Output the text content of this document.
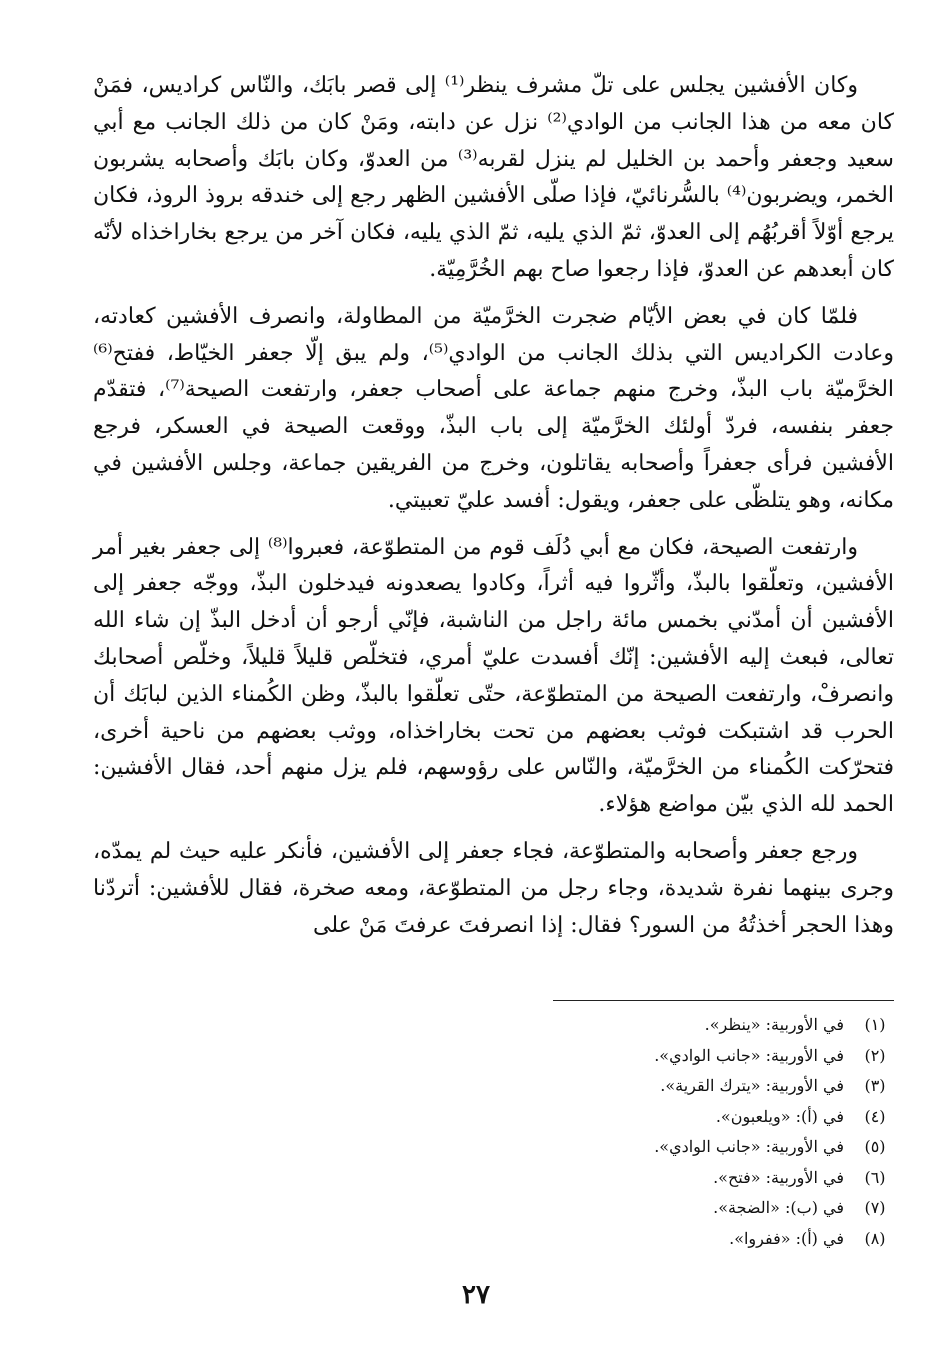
وكان الأفشين يجلس على تلّ مشرف ينظر⁽¹⁾ إلى قصر بابَك، والنّاس كراديس، فمَنْ كان معه من هذا الجانب من الوادي⁽²⁾ نزل عن دابته، ومَنْ كان من ذلك الجانب مع أبي سعيد وجعفر وأحمد بن الخليل لم ينزل لقربه⁽³⁾ من العدوّ، وكان بابَك وأصحابه يشربون الخمر، ويضربون⁽⁴⁾ بالسُّرنائيّ، فإذا صلّى الأفشين الظهر رجع إلى خندقه بروذ الروذ، فكان يرجع أوّلاً أقربُهُم إلى العدوّ، ثمّ الذي يليه، ثمّ الذي يليه، فكان آخر من يرجع بخاراخذاه لأنّه كان أبعدهم عن العدوّ، فإذا رجعوا صاح بهم الخُرَّمِيّة.

فلمّا كان في بعض الأيّام ضجرت الخرَّميّة من المطاولة، وانصرف الأفشين كعادته، وعادت الكراديس التي بذلك الجانب من الوادي⁽⁵⁾، ولم يبق إلّا جعفر الخيّاط، ففتح⁽⁶⁾ الخرَّميّة باب البذّ، وخرج منهم جماعة على أصحاب جعفر، وارتفعت الصيحة⁽⁷⁾، فتقدّم جعفر بنفسه، فردّ أولئك الخرَّميّة إلى باب البذّ، ووقعت الصيحة في العسكر، فرجع الأفشين فرأى جعفراً وأصحابه يقاتلون، وخرج من الفريقين جماعة، وجلس الأفشين في مكانه، وهو يتلظّى على جعفر، ويقول: أفسد عليّ تعبيتي.

وارتفعت الصيحة، فكان مع أبي دُلَف قوم من المتطوّعة، فعبروا⁽⁸⁾ إلى جعفر بغير أمر الأفشين، وتعلّقوا بالبذّ، وأثّروا فيه أثراً، وكادوا يصعدونه فيدخلون البذّ، ووجّه جعفر إلى الأفشين أن أمدّني بخمس مائة راجل من الناشبة، فإنّي أرجو أن أدخل البذّ إن شاء الله تعالى، فبعث إليه الأفشين: إنّك أفسدت عليّ أمري، فتخلّص قليلاً قليلاً، وخلّص أصحابك وانصرفْ، وارتفعت الصيحة من المتطوّعة، حتّى تعلّقوا بالبذّ، وظن الكُمناء الذين لبابَك أن الحرب قد اشتبكت فوثب بعضهم من تحت بخاراخذاه، ووثب بعضهم من ناحية أخرى، فتحرّكت الكُمناء من الخرَّميّة، والنّاس على رؤوسهم، فلم يزل منهم أحد، فقال الأفشين: الحمد لله الذي بيّن مواضع هؤلاء.

ورجع جعفر وأصحابه والمتطوّعة، فجاء جعفر إلى الأفشين، فأنكر عليه حيث لم يمدّه، وجرى بينهما نفرة شديدة، وجاء رجل من المتطوّعة، ومعه صخرة، فقال للأفشين: أتردّنا وهذا الحجر أخذتُهُ من السور؟ فقال: إذا انصرفتَ عرفتَ مَنْ على

(١)في الأوربية: «ينظر».
(٢)في الأوربية: «جانب الوادي».
(٣)في الأوربية: «يترك القرية».
(٤)في (أ): «ويلعبون».
(٥)في الأوربية: «جانب الوادي».
(٦)في الأوربية: «فتح».
(٧)في (ب): «الضجة».
(٨)في (أ): «ففروا».
٢٧
